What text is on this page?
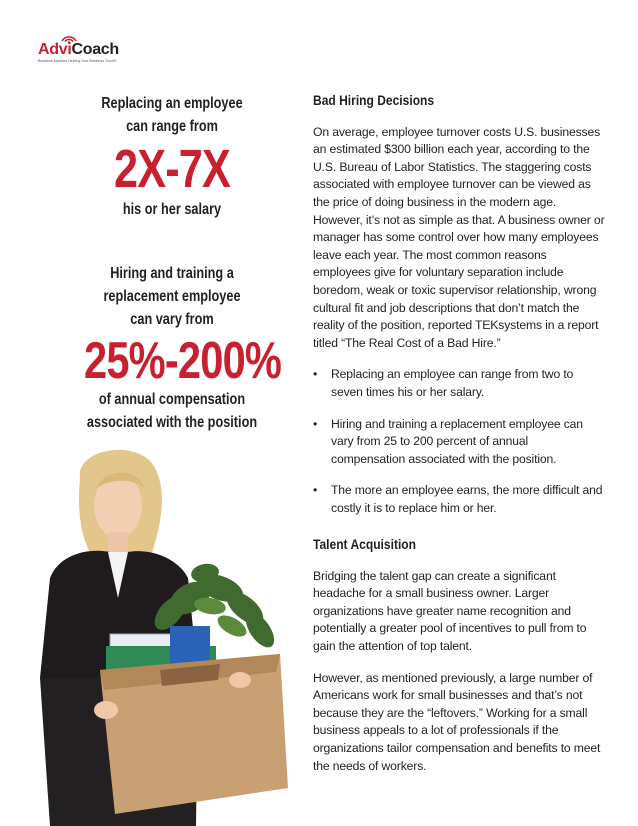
AdviCoach
Business Advisors Helping Your Business Grow®
Replacing an employee
can range from
2X-7X
his or her salary
Hiring and training a
replacement employee
can vary from
25%-200%
of annual compensation
associated with the position
Bad Hiring Decisions

On average, employee turnover costs U.S. businesses an estimated $300 billion each year, according to the U.S. Bureau of Labor Statistics. The staggering costs associated with employee turnover can be viewed as the price of doing business in the modern age. However, it’s not as simple as that. A business owner or manager has some control over how many employees leave each year. The most common reasons employees give for voluntary separation include boredom, weak or toxic supervisor relationship, wrong cultural fit and job descriptions that don’t match the reality of the position, reported TEKsystems in a report titled “The Real Cost of a Bad Hire.”

• Replacing an employee can range from two to seven times his or her salary.
• Hiring and training a replacement employee can vary from 25 to 200 percent of annual compensation associated with the position.
• The more an employee earns, the more difficult and costly it is to replace him or her.
Talent Acquisition

Bridging the talent gap can create a significant headache for a small business owner. Larger organizations have greater name recognition and potentially a greater pool of incentives to pull from to gain the attention of top talent.

However, as mentioned previously, a large number of Americans work for small businesses and that’s not because they are the “leftovers.” Working for a small business appeals to a lot of professionals if the organizations tailor compensation and benefits to meet the needs of workers.
